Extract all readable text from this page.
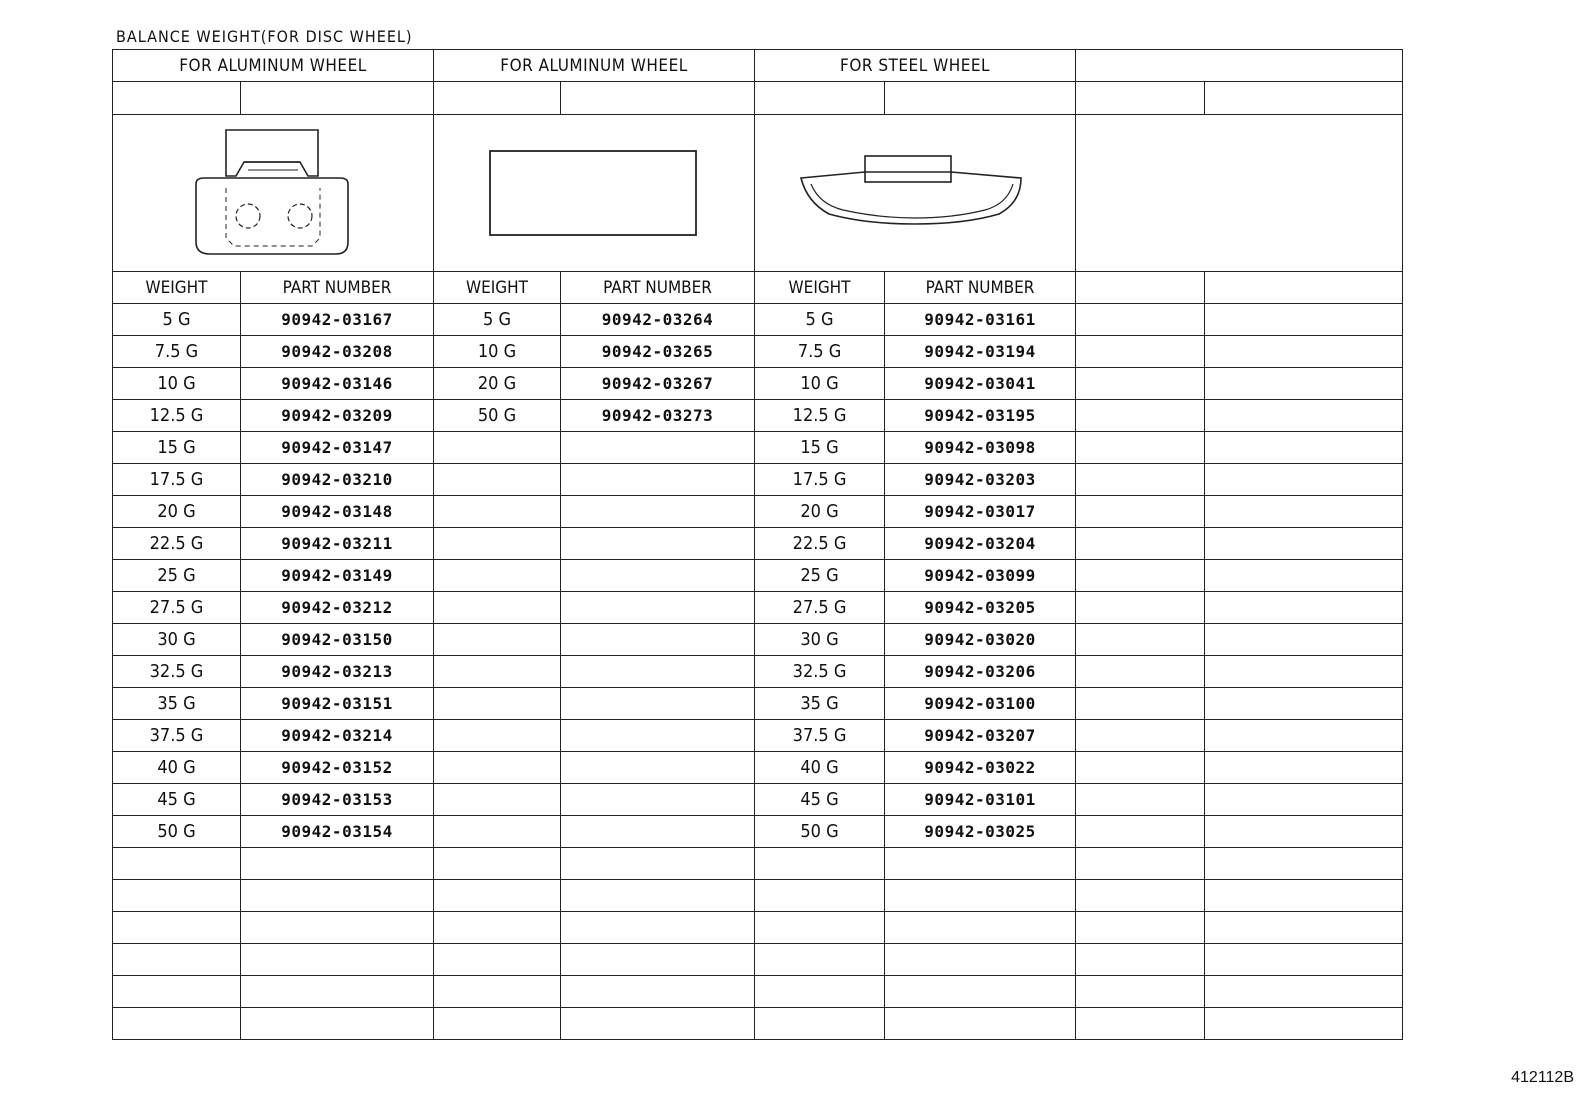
BALANCE WEIGHT(FOR DISC WHEEL)
FOR ALUMINUM WHEEL		FOR ALUMINUM WHEEL		FOR STEEL WHEEL			

WEIGHT	PART NUMBER	WEIGHT	PART NUMBER	WEIGHT	PART NUMBER		
5 G	90942-03167	5 G	90942-03264	5 G	90942-03161		
7.5 G	90942-03208	10 G	90942-03265	7.5 G	90942-03194		
10 G	90942-03146	20 G	90942-03267	10 G	90942-03041		
12.5 G	90942-03209	50 G	90942-03273	12.5 G	90942-03195		
15 G	90942-03147			15 G	90942-03098		
17.5 G	90942-03210			17.5 G	90942-03203		
20 G	90942-03148			20 G	90942-03017		
22.5 G	90942-03211			22.5 G	90942-03204		
25 G	90942-03149			25 G	90942-03099		
27.5 G	90942-03212			27.5 G	90942-03205		
30 G	90942-03150			30 G	90942-03020		
32.5 G	90942-03213			32.5 G	90942-03206		
35 G	90942-03151			35 G	90942-03100		
37.5 G	90942-03214			37.5 G	90942-03207		
40 G	90942-03152			40 G	90942-03022		
45 G	90942-03153			45 G	90942-03101		
50 G	90942-03154			50 G	90942-03025		

412112B
